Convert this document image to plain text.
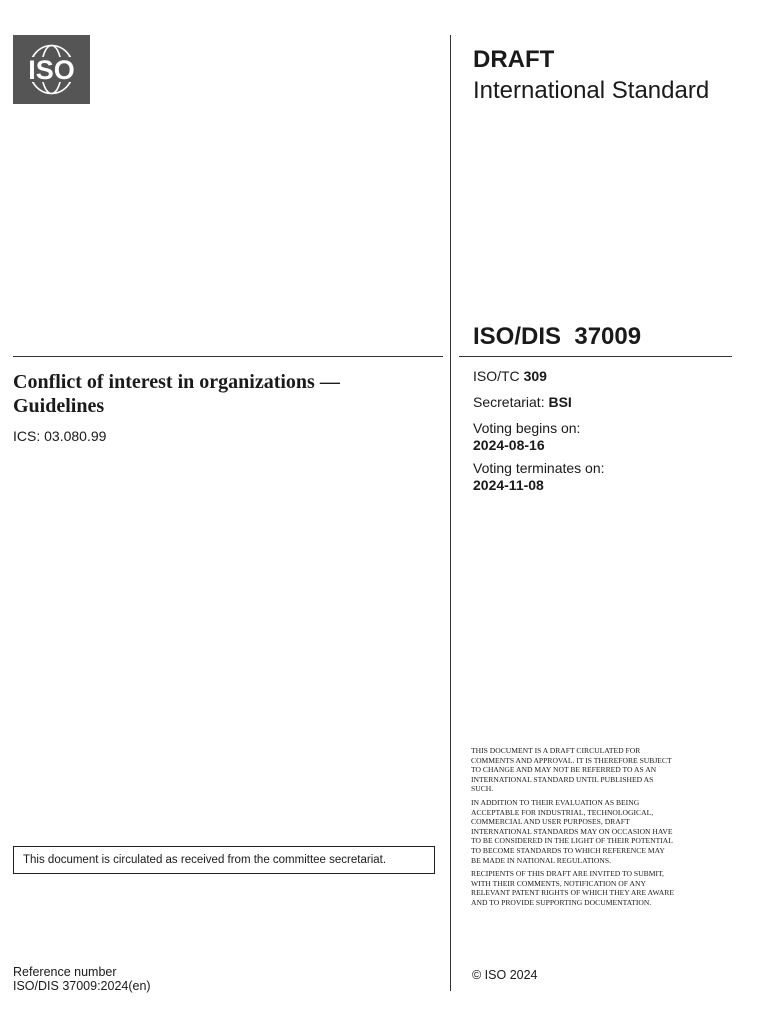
ISO	DRAFT
International Standard
ISO/DIS  37009
Conflict of interest in organizations — Guidelines
ICS: 03.080.99
ISO/TC 309
Secretariat: BSI
Voting begins on:
2024-08-16
Voting terminates on:
2024-11-08

THIS DOCUMENT IS A DRAFT CIRCULATED FOR COMMENTS AND APPROVAL. IT IS THEREFORE SUBJECT TO CHANGE AND MAY NOT BE REFERRED TO AS AN INTERNATIONAL STANDARD UNTIL PUBLISHED AS SUCH.

IN ADDITION TO THEIR EVALUATION AS BEING ACCEPTABLE FOR INDUSTRIAL, TECHNOLOGICAL, COMMERCIAL AND USER PURPOSES, DRAFT INTERNATIONAL STANDARDS MAY ON OCCASION HAVE TO BE CONSIDERED IN THE LIGHT OF THEIR POTENTIAL TO BECOME STANDARDS TO WHICH REFERENCE MAY BE MADE IN NATIONAL REGULATIONS.

RECIPIENTS OF THIS DRAFT ARE INVITED TO SUBMIT, WITH THEIR COMMENTS, NOTIFICATION OF ANY RELEVANT PATENT RIGHTS OF WHICH THEY ARE AWARE AND TO PROVIDE SUPPORTING DOCUMENTATION.

This document is circulated as received from the committee secretariat.
Reference number
ISO/DIS 37009:2024(en)
© ISO 2024
